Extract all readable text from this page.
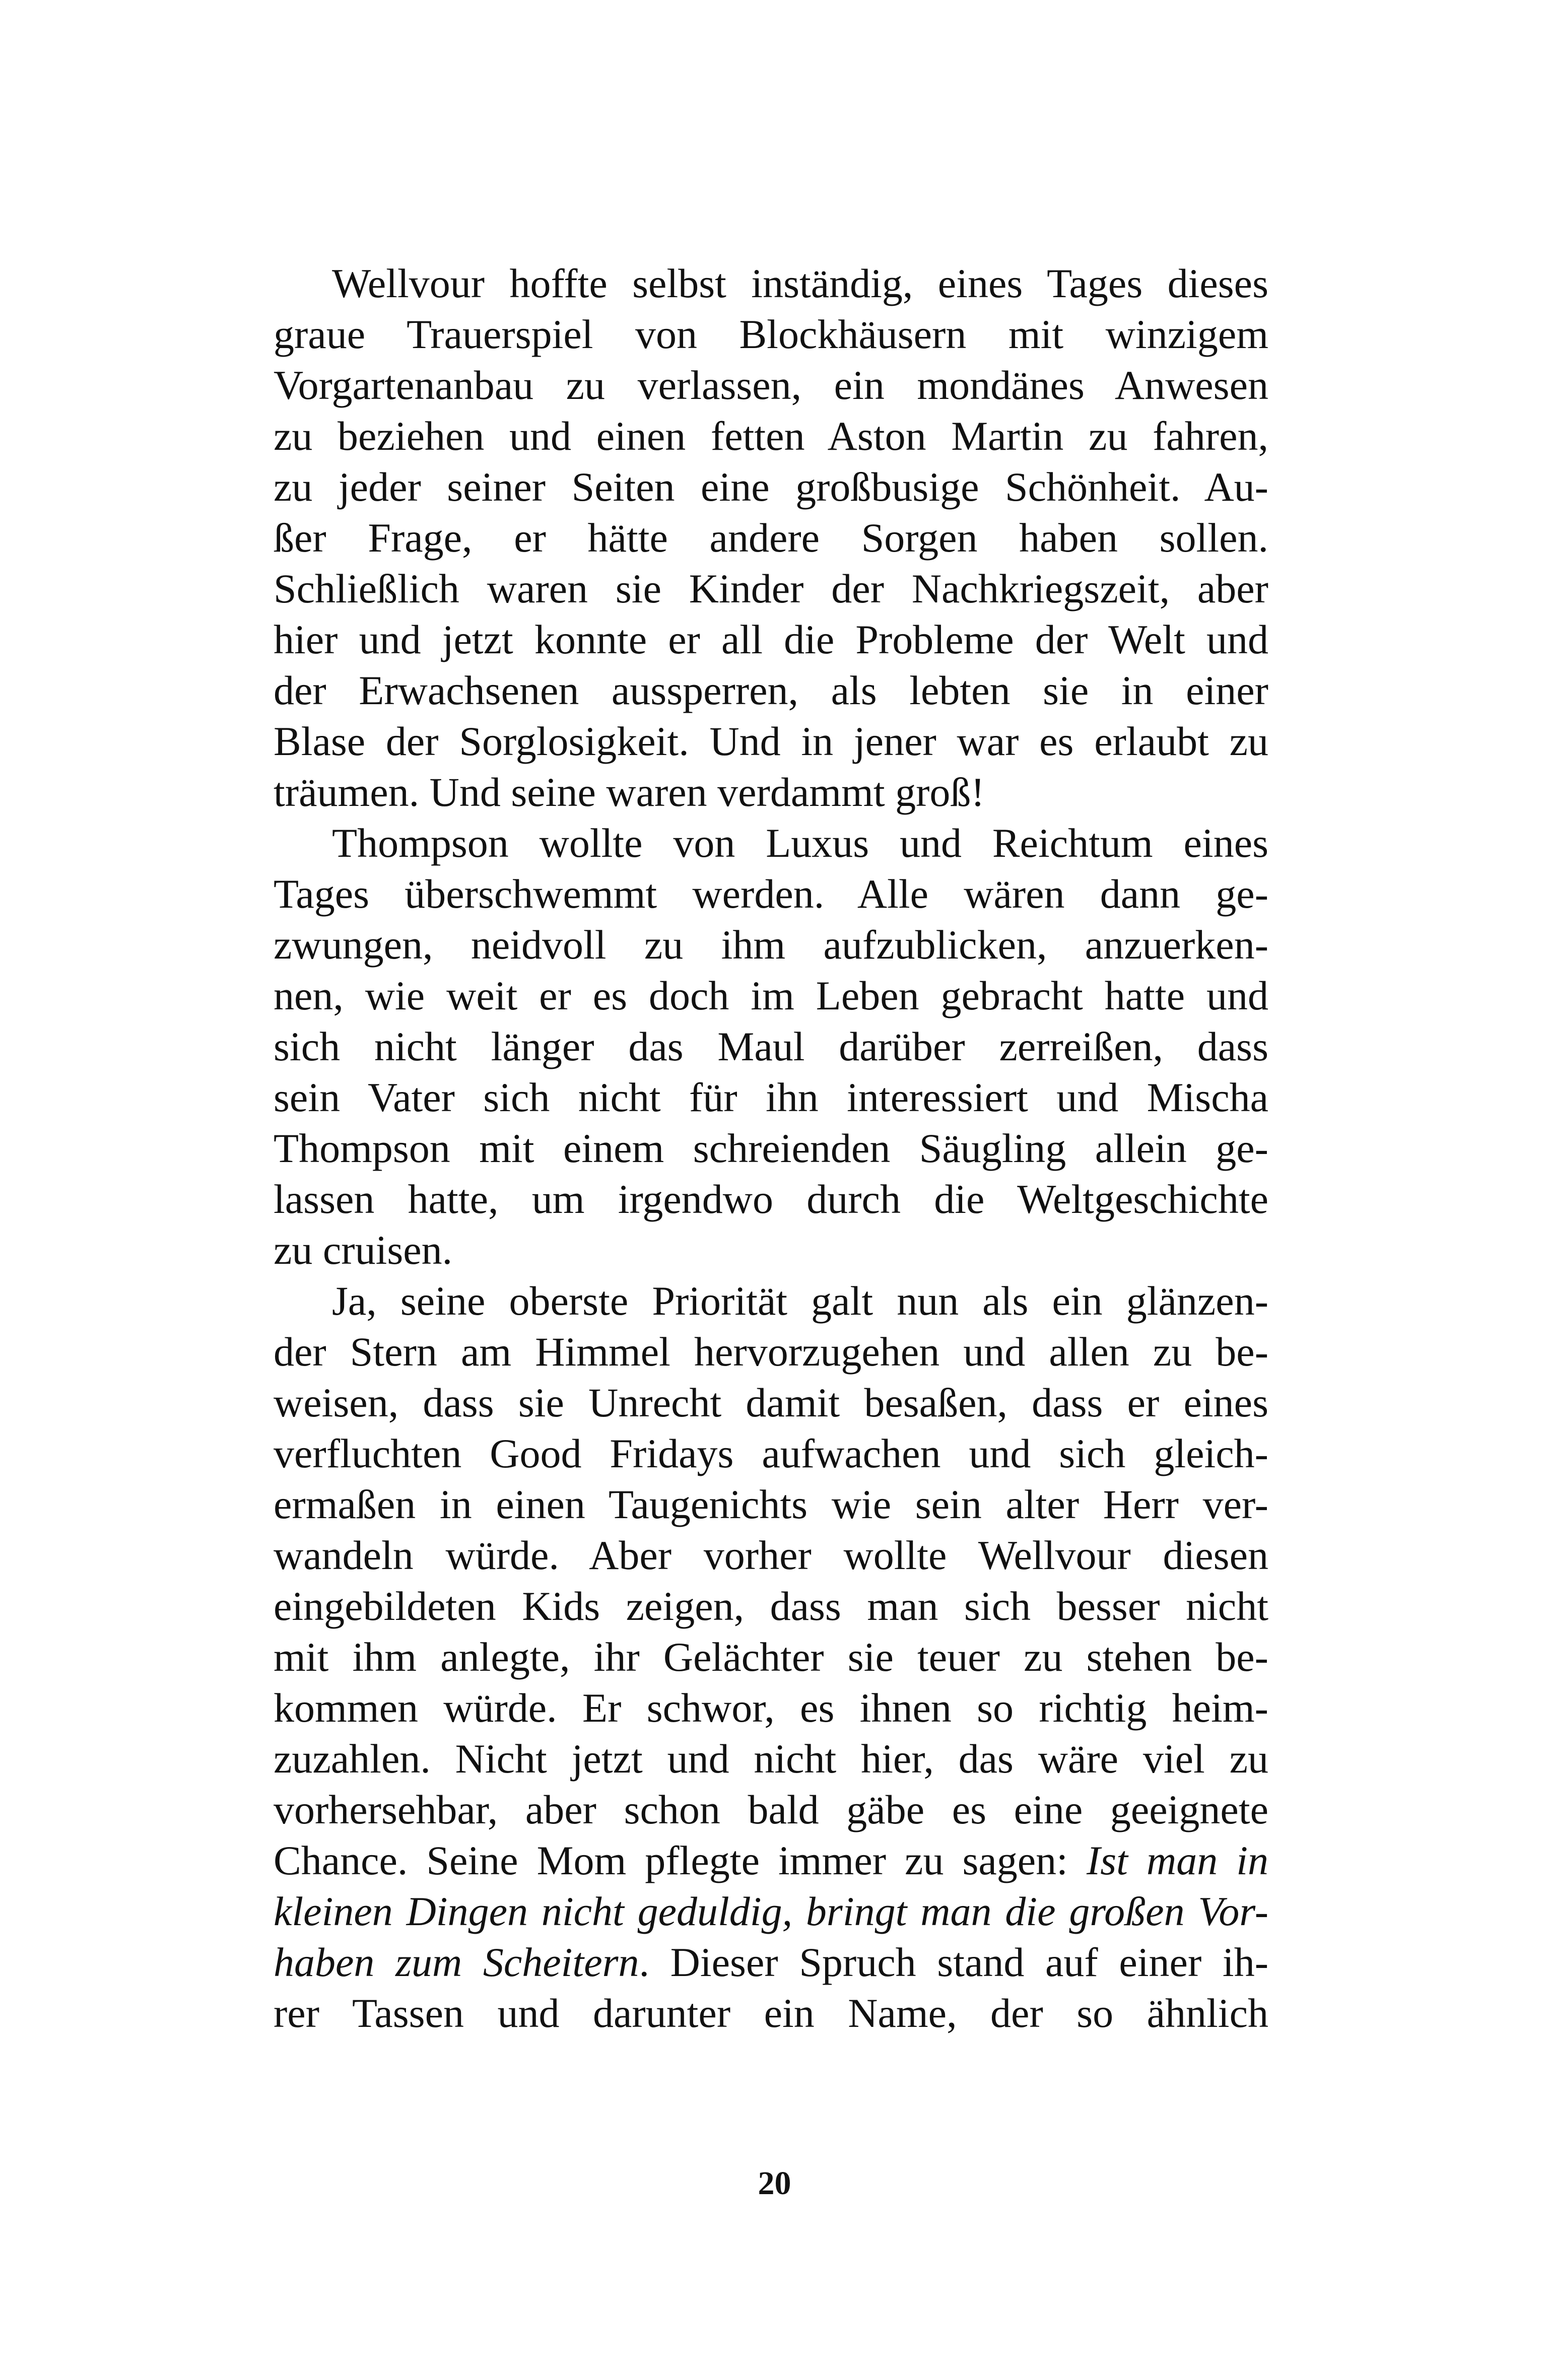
Wellvour hoffte selbst inständig, eines Tages dieses
graue Trauerspiel von Blockhäusern mit winzigem
Vorgartenanbau zu verlassen, ein mondänes Anwesen
zu beziehen und einen fetten Aston Martin zu fahren,
zu jeder seiner Seiten eine großbusige Schönheit. Au-
ßer Frage, er hätte andere Sorgen haben sollen.
Schließlich waren sie Kinder der Nachkriegszeit, aber
hier und jetzt konnte er all die Probleme der Welt und
der Erwachsenen aussperren, als lebten sie in einer
Blase der Sorglosigkeit. Und in jener war es erlaubt zu
träumen. Und seine waren verdammt groß!
Thompson wollte von Luxus und Reichtum eines
Tages überschwemmt werden. Alle wären dann ge-
zwungen, neidvoll zu ihm aufzublicken, anzuerken-
nen, wie weit er es doch im Leben gebracht hatte und
sich nicht länger das Maul darüber zerreißen, dass
sein Vater sich nicht für ihn interessiert und Mischa
Thompson mit einem schreienden Säugling allein ge-
lassen hatte, um irgendwo durch die Weltgeschichte
zu cruisen.
Ja, seine oberste Priorität galt nun als ein glänzen-
der Stern am Himmel hervorzugehen und allen zu be-
weisen, dass sie Unrecht damit besaßen, dass er eines
verfluchten Good Fridays aufwachen und sich gleich-
ermaßen in einen Taugenichts wie sein alter Herr ver-
wandeln würde. Aber vorher wollte Wellvour diesen
eingebildeten Kids zeigen, dass man sich besser nicht
mit ihm anlegte, ihr Gelächter sie teuer zu stehen be-
kommen würde. Er schwor, es ihnen so richtig heim-
zuzahlen. Nicht jetzt und nicht hier, das wäre viel zu
vorhersehbar, aber schon bald gäbe es eine geeignete
Chance. Seine Mom pflegte immer zu sagen: Ist man in
kleinen Dingen nicht geduldig, bringt man die großen Vor-
haben zum Scheitern. Dieser Spruch stand auf einer ih-
rer Tassen und darunter ein Name, der so ähnlich
20
